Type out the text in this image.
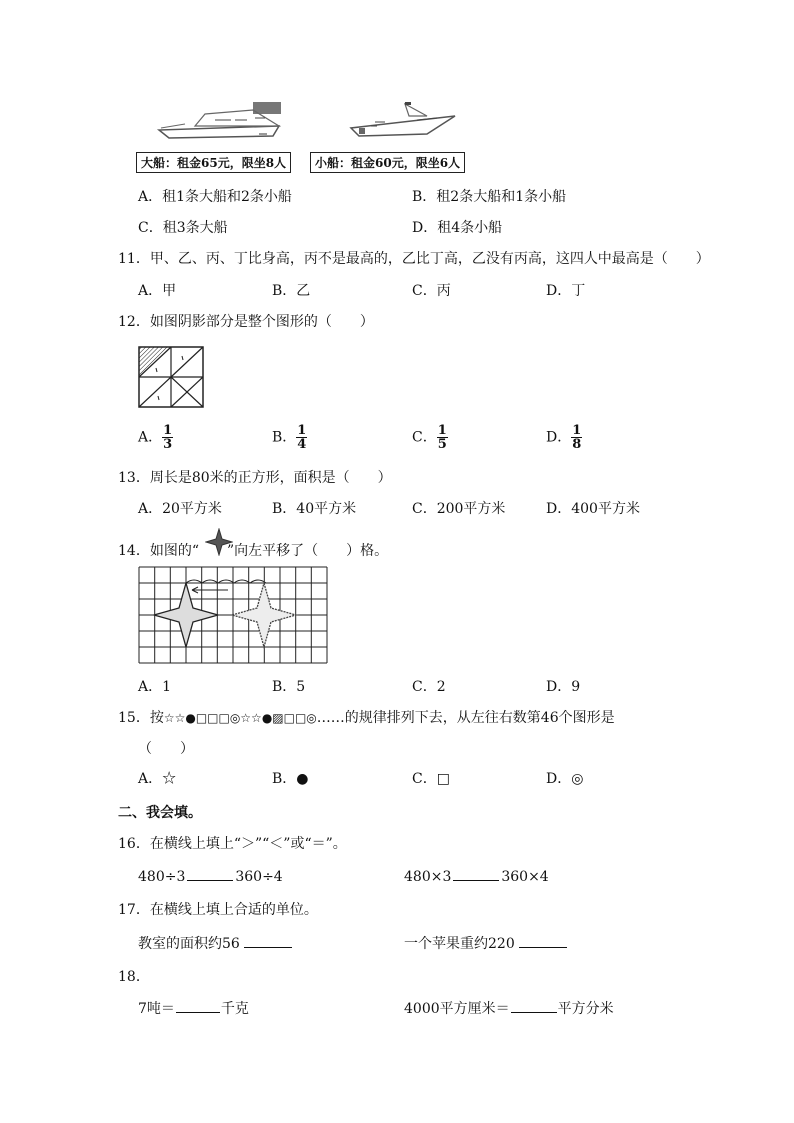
大船：租金65元，限坐8人	小船：租金60元，限坐6人
A．租1条大船和2条小船	B．租2条大船和1条小船
C．租3条大船	D．租4条小船
11．甲、乙、丙、丁比身高，丙不是最高的，乙比丁高，乙没有丙高，这四人中最高是（　　）
A．甲	B．乙	C．丙	D．丁
12．如图阴影部分是整个图形的（　　）
A． $\frac{1}{3}$	B． $\frac{1}{4}$	C． $\frac{1}{5}$	D． $\frac{1}{8}$
13．周长是80米的正方形，面积是（　　）
A．20平方米	B．40平方米	C．200平方米	D．400平方米
14．如图的“ ”向左平移了（　　）格。
A．1	B．5	C．2	D．9
15．按☆☆●□□□◎☆☆●▨□□◎……的规律排列下去，从左往右数第46个图形是
（　　）
A．☆	B．●	C．□	D．◎
二、我会填。
16．在横线上填上“＞”“＜”或“＝”。
480÷3	360÷4	480×3	360×4
17．在横线上填上合适的单位。
教室的面积约56	一个苹果重约220
18．
7吨＝	千克	4000平方厘米＝	平方分米
